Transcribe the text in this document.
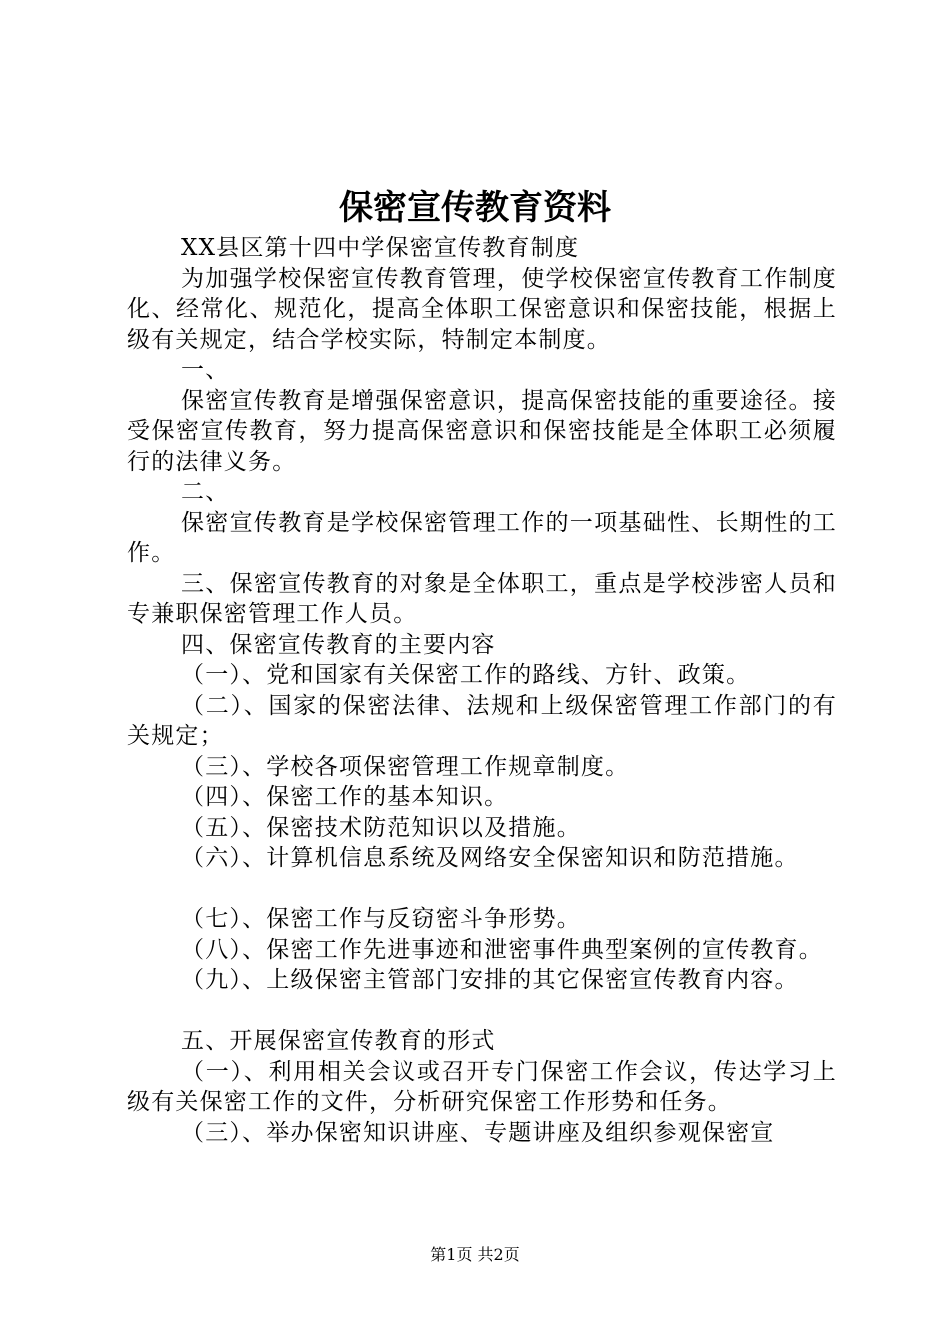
保密宣传教育资料

XX县区第十四中学保密宣传教育制度

为加强学校保密宣传教育管理，使学校保密宣传教育工作制度化、经常化、规范化，提高全体职工保密意识和保密技能，根据上级有关规定，结合学校实际，特制定本制度。

一、

保密宣传教育是增强保密意识，提高保密技能的重要途径。接受保密宣传教育，努力提高保密意识和保密技能是全体职工必须履行的法律义务。

二、

保密宣传教育是学校保密管理工作的一项基础性、长期性的工作。

三、保密宣传教育的对象是全体职工，重点是学校涉密人员和专兼职保密管理工作人员。

四、保密宣传教育的主要内容

（一）、党和国家有关保密工作的路线、方针、政策。

（二）、国家的保密法律、法规和上级保密管理工作部门的有关规定；

（三）、学校各项保密管理工作规章制度。

（四）、保密工作的基本知识。

（五）、保密技术防范知识以及措施。

（六）、计算机信息系统及网络安全保密知识和防范措施。

（七）、保密工作与反窃密斗争形势。

（八）、保密工作先进事迹和泄密事件典型案例的宣传教育。

（九）、上级保密主管部门安排的其它保密宣传教育内容。

五、开展保密宣传教育的形式

（一）、利用相关会议或召开专门保密工作会议，传达学习上级有关保密工作的文件，分析研究保密工作形势和任务。

（三）、举办保密知识讲座、专题讲座及组织参观保密宣

第1页 共2页
